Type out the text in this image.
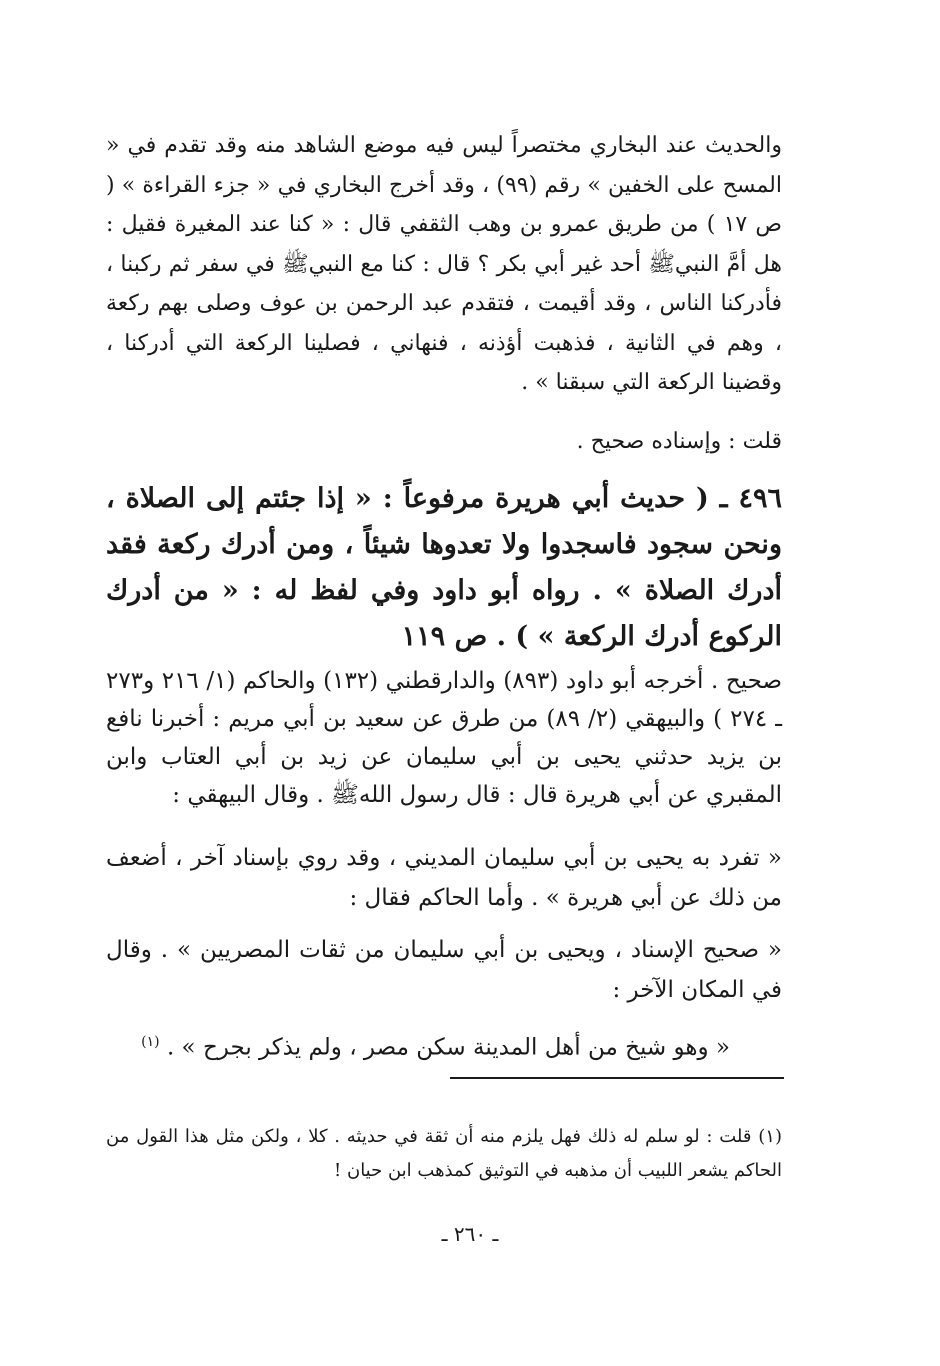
والحديث عند البخاري مختصراً ليس فيه موضع الشاهد منه وقد تقدم في « المسح على الخفين » رقم (٩٩) ، وقد أخرج البخاري في « جزء القراءة » ( ص ١٧ ) من طريق عمرو بن وهب الثقفي قال : « كنا عند المغيرة فقيل : هل أمَّ النبيﷺ أحد غير أبي بكر ؟ قال : كنا مع النبيﷺ في سفر ثم ركبنا ، فأدركنا الناس ، وقد أقيمت ، فتقدم عبد الرحمن بن عوف وصلى بهم ركعة ، وهم في الثانية ، فذهبت أؤذنه ، فنهاني ، فصلينا الركعة التي أدركنا ، وقضينا الركعة التي سبقنا » .

قلت : وإسناده صحيح .

٤٩٦ ـ ( حديث أبي هريرة مرفوعاً : « إذا جئتم إلى الصلاة ، ونحن سجود فاسجدوا ولا تعدوها شيئاً ، ومن أدرك ركعة فقد أدرك الصلاة » . رواه أبو داود وفي لفظ له : « من أدرك الركوع أدرك الركعة » ) . ص ١١٩

صحيح . أخرجه أبو داود (٨٩٣) والدارقطني (١٣٢) والحاكم (١/ ٢١٦ و٢٧٣ ـ ٢٧٤ ) والبيهقي (٢/ ٨٩) من طرق عن سعيد بن أبي مريم : أخبرنا نافع بن يزيد حدثني يحيى بن أبي سليمان عن زيد بن أبي العتاب وابن المقبري عن أبي هريرة قال : قال رسول اللهﷺ . وقال البيهقي :

« تفرد به يحيى بن أبي سليمان المديني ، وقد روي بإسناد آخر ، أضعف من ذلك عن أبي هريرة » . وأما الحاكم فقال :

« صحيح الإسناد ، ويحيى بن أبي سليمان من ثقات المصريين » . وقال في المكان الآخر :

« وهو شيخ من أهل المدينة سكن مصر ، ولم يذكر بجرح » . $^{(١)}$

(١) قلت : لو سلم له ذلك فهل يلزم منه أن ثقة في حديثه . كلا ، ولكن مثل هذا القول من الحاكم يشعر اللبيب أن مذهبه في التوثيق كمذهب ابن حيان !

ـ ٢٦٠ ـ
